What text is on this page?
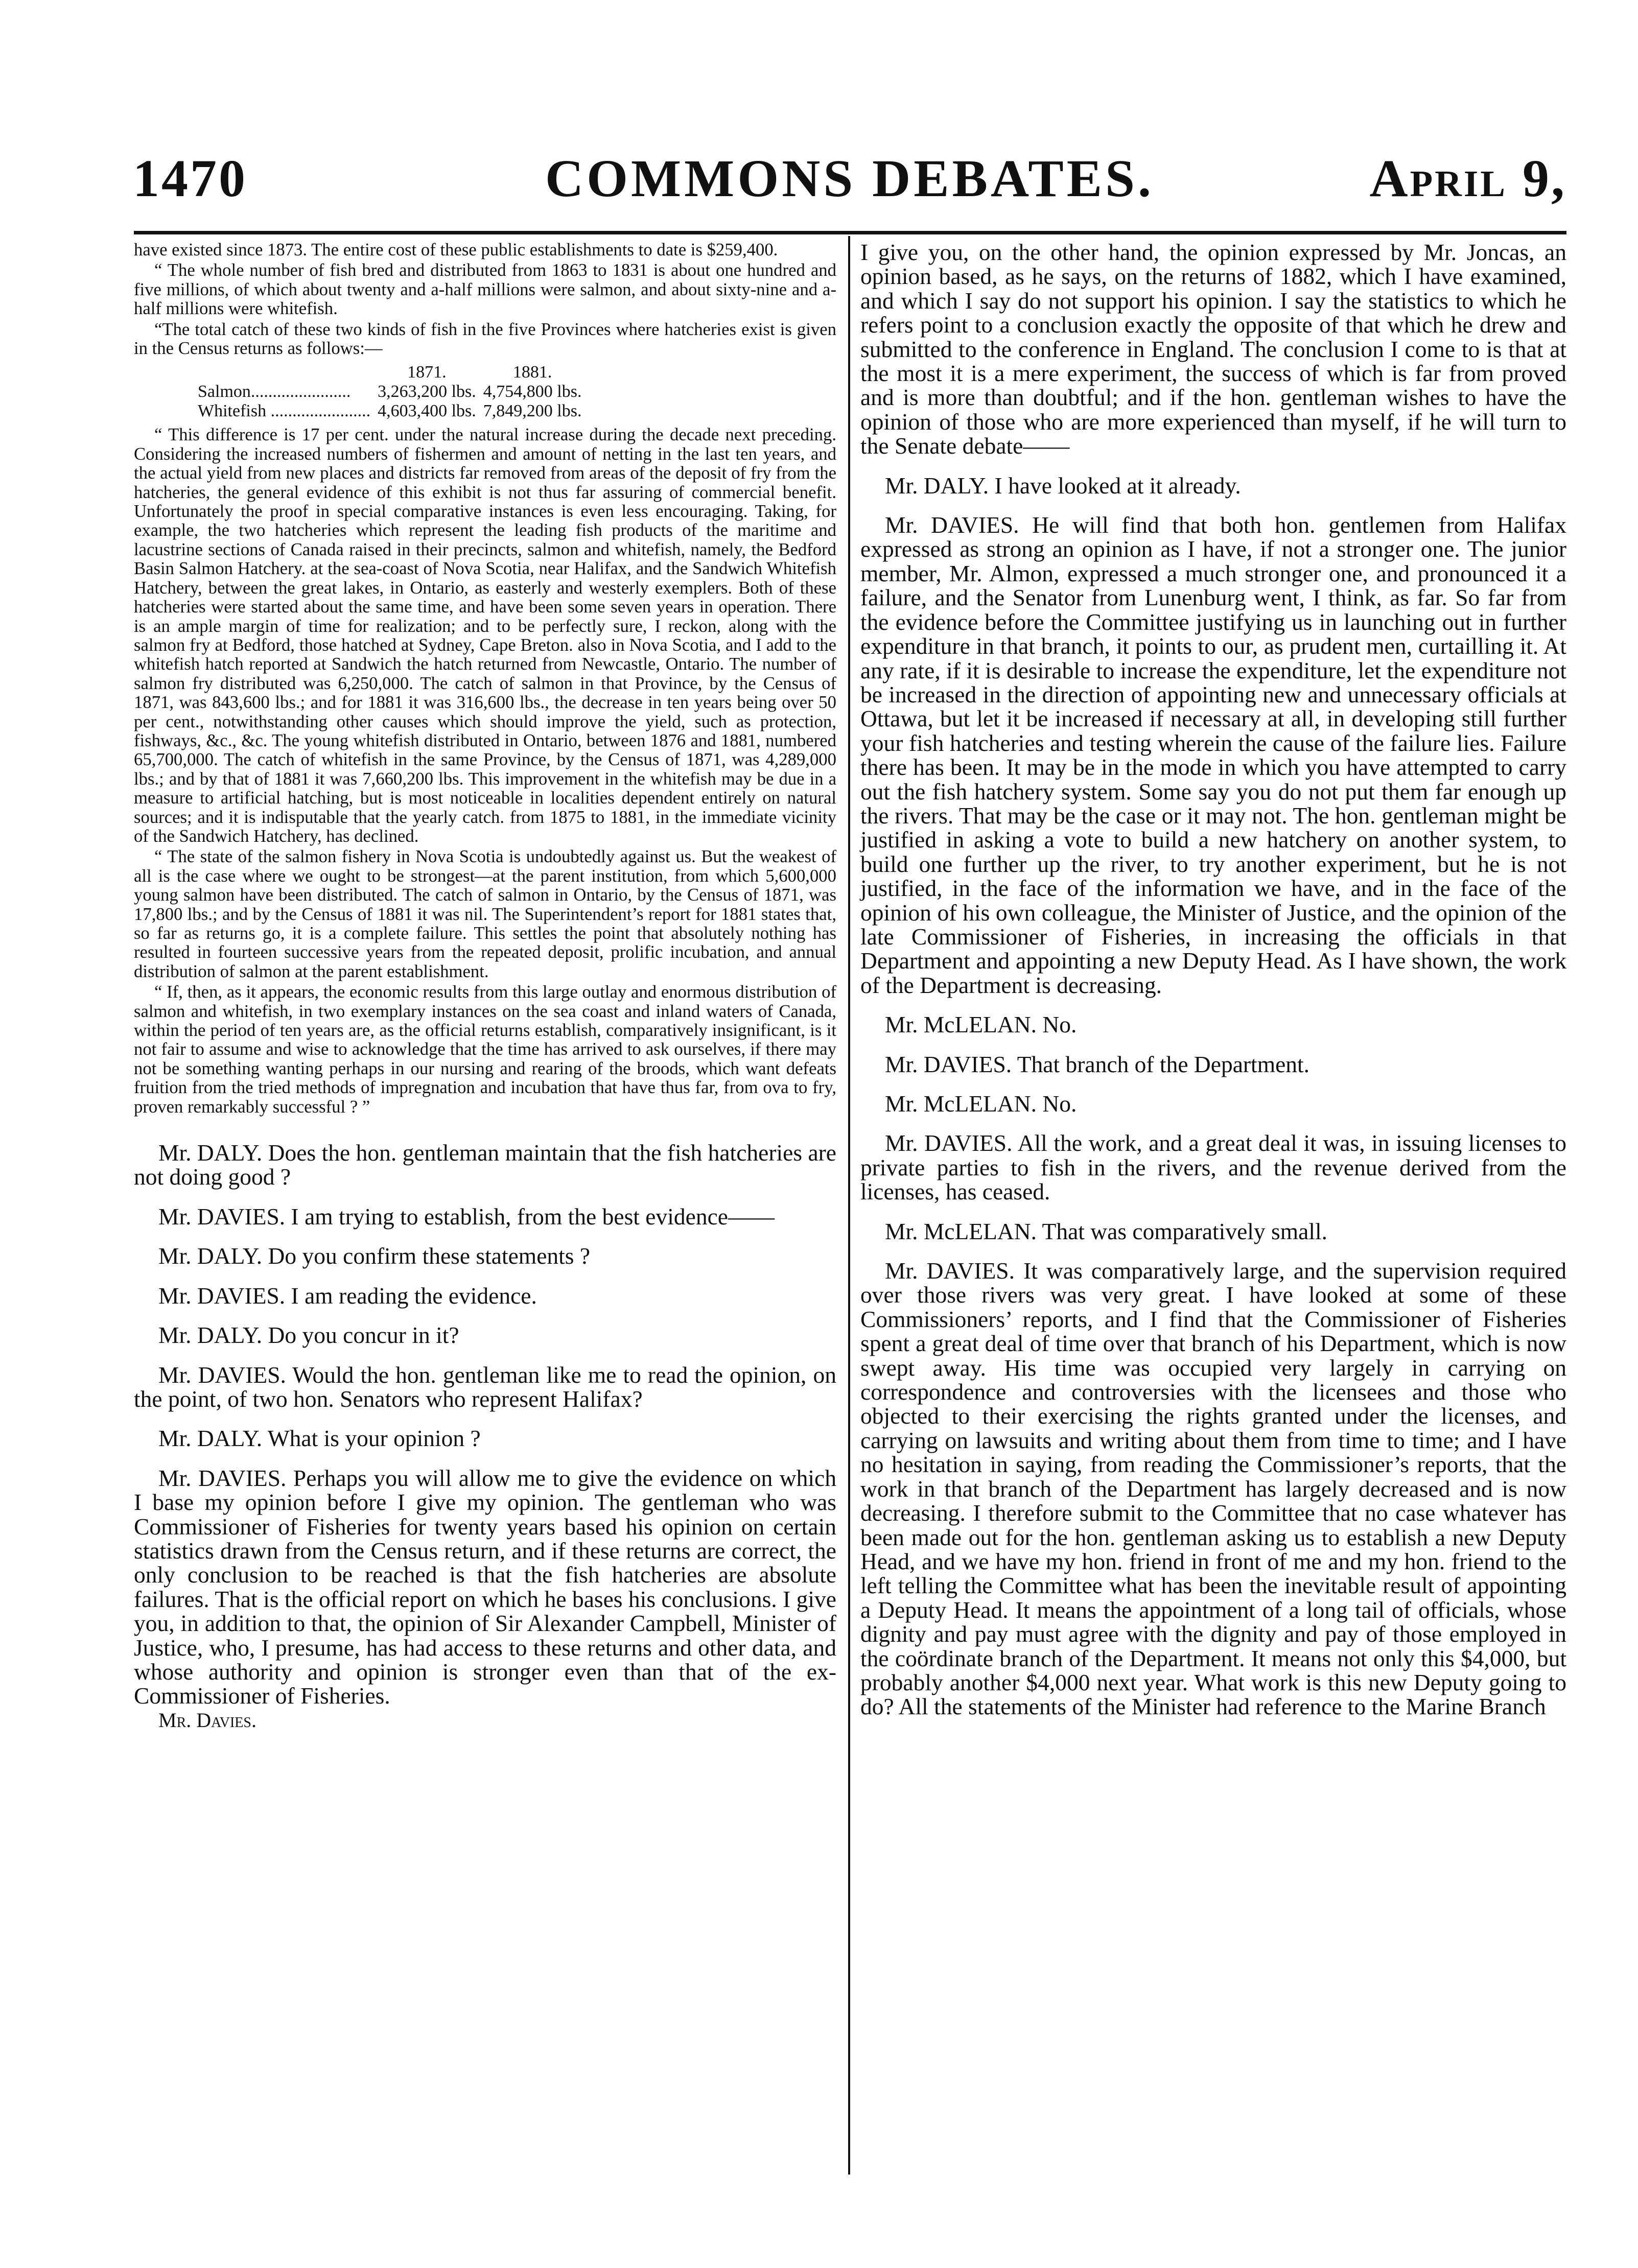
1470	COMMONS DEBATES.	April 9,

have existed since 1873. The entire cost of these public establishments to date is $259,400.

“ The whole number of fish bred and distributed from 1863 to 1831 is about one hundred and five millions, of which about twenty and a-half millions were salmon, and about sixty-nine and a-half millions were whitefish.

“The total catch of these two kinds of fish in the five Provinces where hatcheries exist is given in the Census returns as follows:—

	1871.	1881.
Salmon.......................	3,263,200 lbs.	4,754,800 lbs.
Whitefish .......................	4,603,400 lbs.	7,849,200 lbs.

“ This difference is 17 per cent. under the natural increase during the decade next preceding. Considering the increased numbers of fishermen and amount of netting in the last ten years, and the actual yield from new places and districts far removed from areas of the deposit of fry from the hatcheries, the general evidence of this exhibit is not thus far assuring of commercial benefit. Unfortunately the proof in special comparative instances is even less encouraging. Taking, for example, the two hatcheries which represent the leading fish products of the maritime and lacustrine sections of Canada raised in their precincts, salmon and whitefish, namely, the Bedford Basin Salmon Hatchery. at the sea-coast of Nova Scotia, near Halifax, and the Sandwich Whitefish Hatchery, between the great lakes, in Ontario, as easterly and westerly exemplers. Both of these hatcheries were started about the same time, and have been some seven years in operation. There is an ample margin of time for realization; and to be perfectly sure, I reckon, along with the salmon fry at Bedford, those hatched at Sydney, Cape Breton. also in Nova Scotia, and I add to the whitefish hatch reported at Sandwich the hatch returned from Newcastle, Ontario. The number of salmon fry distributed was 6,250,000. The catch of salmon in that Province, by the Census of 1871, was 843,600 lbs.; and for 1881 it was 316,600 lbs., the decrease in ten years being over 50 per cent., notwithstanding other causes which should improve the yield, such as protection, fishways, &c., &c. The young whitefish distributed in Ontario, between 1876 and 1881, numbered 65,700,000. The catch of whitefish in the same Province, by the Census of 1871, was 4,289,000 lbs.; and by that of 1881 it was 7,660,200 lbs. This improvement in the whitefish may be due in a measure to artificial hatching, but is most noticeable in localities dependent entirely on natural sources; and it is indisputable that the yearly catch. from 1875 to 1881, in the immediate vicinity of the Sandwich Hatchery, has declined.

“ The state of the salmon fishery in Nova Scotia is undoubtedly against us. But the weakest of all is the case where we ought to be strongest—at the parent institution, from which 5,600,000 young salmon have been distributed. The catch of salmon in Ontario, by the Census of 1871, was 17,800 lbs.; and by the Census of 1881 it was nil. The Superintendent’s report for 1881 states that, so far as returns go, it is a complete failure. This settles the point that absolutely nothing has resulted in fourteen successive years from the repeated deposit, prolific incubation, and annual distribution of salmon at the parent establishment.

“ If, then, as it appears, the economic results from this large outlay and enormous distribution of salmon and whitefish, in two exemplary instances on the sea coast and inland waters of Canada, within the period of ten years are, as the official returns establish, comparatively insignificant, is it not fair to assume and wise to acknowledge that the time has arrived to ask ourselves, if there may not be something wanting perhaps in our nursing and rearing of the broods, which want defeats fruition from the tried methods of impregnation and incubation that have thus far, from ova to fry, proven remarkably successful ? ”

Mr. DALY. Does the hon. gentleman maintain that the fish hatcheries are not doing good ?

Mr. DAVIES. I am trying to establish, from the best evidence——

Mr. DALY. Do you confirm these statements ?

Mr. DAVIES. I am reading the evidence.

Mr. DALY. Do you concur in it?

Mr. DAVIES. Would the hon. gentleman like me to read the opinion, on the point, of two hon. Senators who represent Halifax?

Mr. DALY. What is your opinion ?

Mr. DAVIES. Perhaps you will allow me to give the evidence on which I base my opinion before I give my opinion. The gentleman who was Commissioner of Fisheries for twenty years based his opinion on certain statistics drawn from the Census return, and if these returns are correct, the only conclusion to be reached is that the fish hatcheries are absolute failures. That is the official report on which he bases his conclusions. I give you, in addition to that, the opinion of Sir Alexander Campbell, Minister of Justice, who, I presume, has had access to these returns and other data, and whose authority and opinion is stronger even than that of the ex-Commissioner of Fisheries.

Mr. Davies.

I give you, on the other hand, the opinion expressed by Mr. Joncas, an opinion based, as he says, on the returns of 1882, which I have examined, and which I say do not support his opinion. I say the statistics to which he refers point to a conclusion exactly the opposite of that which he drew and submitted to the conference in England. The conclusion I come to is that at the most it is a mere experiment, the success of which is far from proved and is more than doubtful; and if the hon. gentleman wishes to have the opinion of those who are more experienced than myself, if he will turn to the Senate debate——

Mr. DALY. I have looked at it already.

Mr. DAVIES. He will find that both hon. gentlemen from Halifax expressed as strong an opinion as I have, if not a stronger one. The junior member, Mr. Almon, expressed a much stronger one, and pronounced it a failure, and the Senator from Lunenburg went, I think, as far. So far from the evidence before the Committee justifying us in launching out in further expenditure in that branch, it points to our, as prudent men, curtailling it. At any rate, if it is desirable to increase the expenditure, let the expenditure not be increased in the direction of appointing new and unnecessary officials at Ottawa, but let it be increased if necessary at all, in developing still further your fish hatcheries and testing wherein the cause of the failure lies. Failure there has been. It may be in the mode in which you have attempted to carry out the fish hatchery system. Some say you do not put them far enough up the rivers. That may be the case or it may not. The hon. gentleman might be justified in asking a vote to build a new hatchery on another system, to build one further up the river, to try another experiment, but he is not justified, in the face of the information we have, and in the face of the opinion of his own colleague, the Minister of Justice, and the opinion of the late Commissioner of Fisheries, in increasing the officials in that Department and appointing a new Deputy Head. As I have shown, the work of the Department is decreasing.

Mr. McLELAN. No.

Mr. DAVIES. That branch of the Department.

Mr. McLELAN. No.

Mr. DAVIES. All the work, and a great deal it was, in issuing licenses to private parties to fish in the rivers, and the revenue derived from the licenses, has ceased.

Mr. McLELAN. That was comparatively small.

Mr. DAVIES. It was comparatively large, and the supervision required over those rivers was very great. I have looked at some of these Commissioners’ reports, and I find that the Commissioner of Fisheries spent a great deal of time over that branch of his Department, which is now swept away. His time was occupied very largely in carrying on correspondence and controversies with the licensees and those who objected to their exercising the rights granted under the licenses, and carrying on lawsuits and writing about them from time to time; and I have no hesitation in saying, from reading the Commissioner’s reports, that the work in that branch of the Department has largely decreased and is now decreasing. I therefore submit to the Committee that no case whatever has been made out for the hon. gentleman asking us to establish a new Deputy Head, and we have my hon. friend in front of me and my hon. friend to the left telling the Committee what has been the inevitable result of appointing a Deputy Head. It means the appointment of a long tail of officials, whose dignity and pay must agree with the dignity and pay of those employed in the coördinate branch of the Department. It means not only this $4,000, but probably another $4,000 next year. What work is this new Deputy going to do? All the statements of the Minister had reference to the Marine Branch
